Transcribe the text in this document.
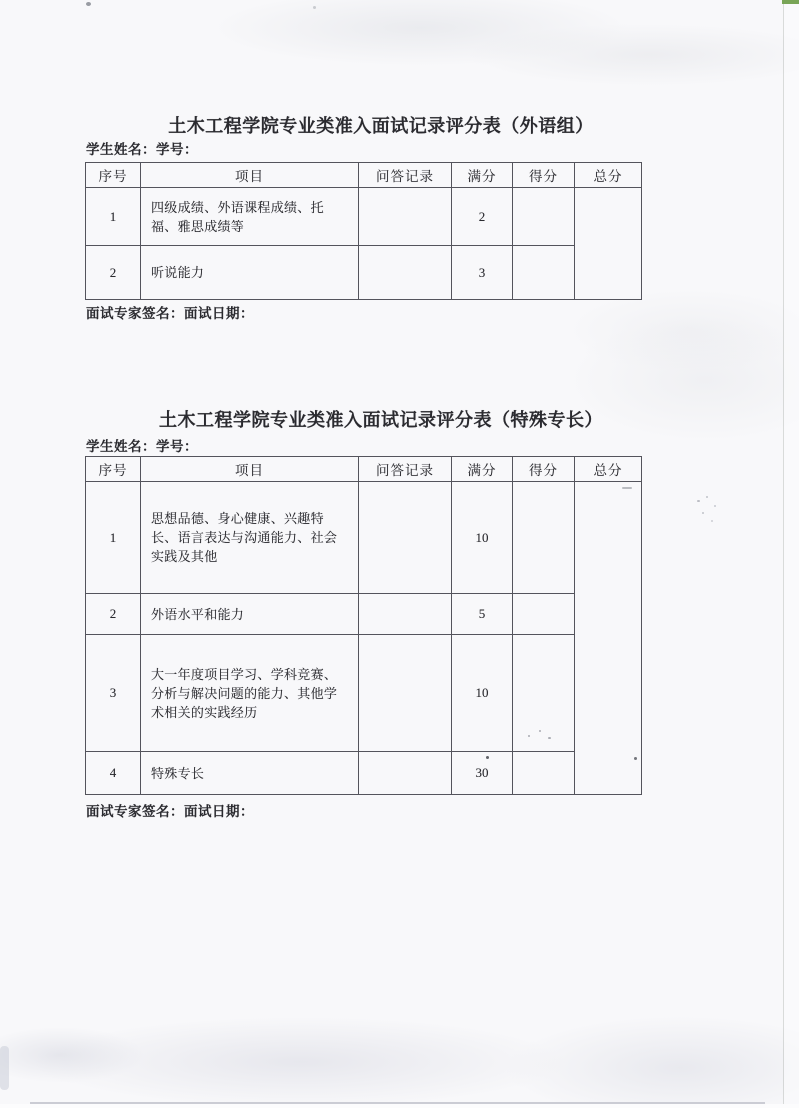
土木工程学院专业类准入面试记录评分表（外语组）
学生姓名：学号：
序号	项目	问答记录	满分	得分	总分
1	四级成绩、外语课程成绩、托福、雅思成绩等		2		
2	听说能力		3		
面试专家签名：面试日期：
土木工程学院专业类准入面试记录评分表（特殊专长）
学生姓名：学号：
序号	项目	问答记录	满分	得分	总分
1	思想品德、身心健康、兴趣特长、语言表达与沟通能力、社会实践及其他		10		
2	外语水平和能力		5		
3	大一年度项目学习、学科竞赛、分析与解决问题的能力、其他学术相关的实践经历		10		
4	特殊专长		30		
面试专家签名：面试日期：
